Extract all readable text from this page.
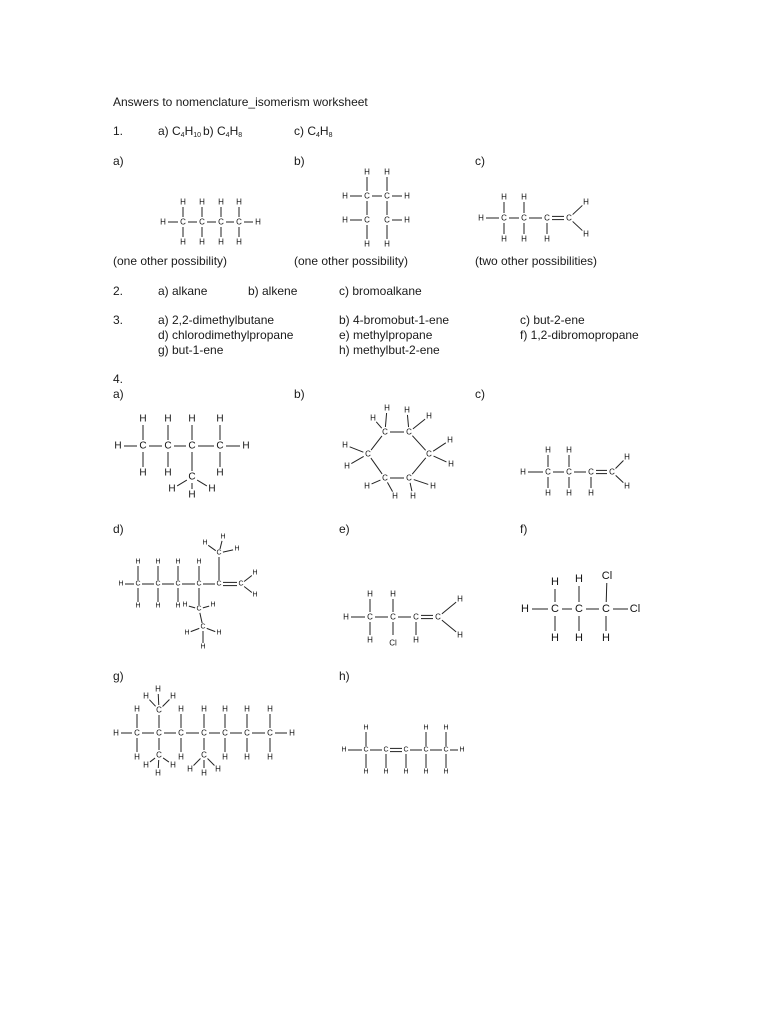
Answers to nomenclature_isomerism worksheet
1.	a) $C_4H_{10}$ b) $C_4H_8$	c) $C_4H_8$
a)	b)	c)
H	H
C
H
H
C
H
H
C
H
H
C
H
H
C C
C C
H H
H	H
H	H
H H
H C C C C
H H
H H H
H
H
(one other possibility)	(one other possibility)	(two other possibilities)
2.	a) alkane	b) alkene	c) bromoalkane
3.	a) 2,2-dimethylbutane	b) 4-bromobut-1-ene	c) but-2-ene
d) chlorodimethylpropane	e) methylpropane	f) 1,2-dibromopropane
g) but-1-ene	h) methylbut-2-ene
4.
a)	b)	c)
H	H
C
H
H
C
H
H
C
H
C
H
H
C
H
H
H
C C
C
C
C
C
H
H
H
H
H
H
H
H
H
H
H
H
H C C C C
H H
H H H
H
H
d)	e)	f)
H C
H
H
C
H
H
C
H
H
C
H
C
C
H
H
H
C
H
H
C
H	H
C
H
H
H
H C C C C
H H
H	H
H
H
Cl
H	Cl
Cl
C C C
H H
H H H
g)	h)
H	H
C
H
H
C C
H
H
C
H
C
H
H
C
H
H
C
H
H
C
H
H
H
C
H
H
H
C
H H H
H	H
C
H
H
C
H
C
H
C
H
H
C
H
H
